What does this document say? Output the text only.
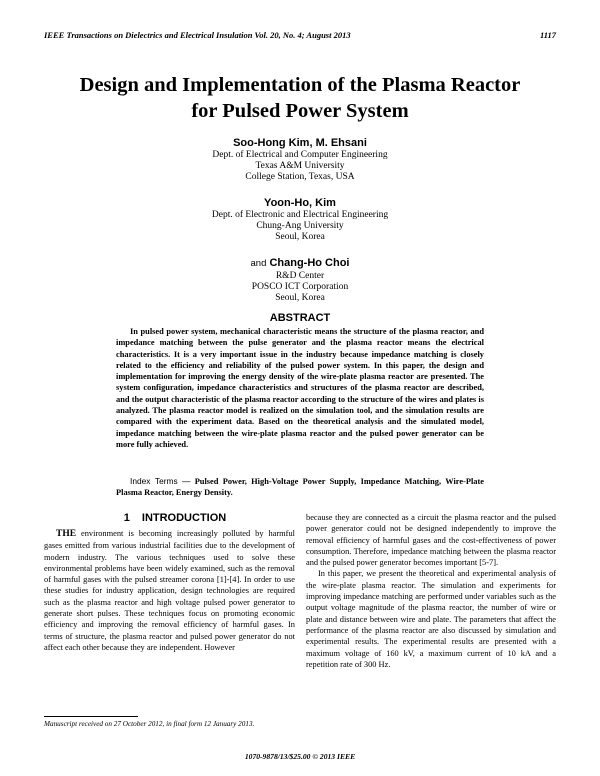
IEEE Transactions on Dielectrics and Electrical Insulation Vol. 20, No. 4; August 2013	1117
Design and Implementation of the Plasma Reactor
for Pulsed Power System
Soo-Hong Kim, M. Ehsani
Dept. of Electrical and Computer Engineering
Texas A&M University
College Station, Texas, USA
Yoon-Ho, Kim
Dept. of Electronic and Electrical Engineering
Chung-Ang University
Seoul, Korea
and Chang-Ho Choi
R&D Center
POSCO ICT Corporation
Seoul, Korea
ABSTRACT
In pulsed power system, mechanical characteristic means the structure of the plasma reactor, and impedance matching between the pulse generator and the plasma reactor means the electrical characteristics. It is a very important issue in the industry because impedance matching is closely related to the efficiency and reliability of the pulsed power system. In this paper, the design and implementation for improving the energy density of the wire-plate plasma reactor are presented. The system configuration, impedance characteristics and structures of the plasma reactor are described, and the output characteristic of the plasma reactor according to the structure of the wires and plates is analyzed. The plasma reactor model is realized on the simulation tool, and the simulation results are compared with the experiment data. Based on the theoretical analysis and the simulated model, impedance matching between the wire-plate plasma reactor and the pulsed power generator can be more fully achieved.
Index Terms — Pulsed Power, High-Voltage Power Supply, Impedance Matching, Wire-Plate Plasma Reactor, Energy Density.
1 INTRODUCTION

THE environment is becoming increasingly polluted by harmful gases emitted from various industrial facilities due to the development of modern industry. The various techniques used to solve these environmental problems have been widely examined, such as the removal of harmful gases with the pulsed streamer corona [1]-[4]. In order to use these studies for industry application, design technologies are required such as the plasma reactor and high voltage pulsed power generator to generate short pulses. These techniques focus on promoting economic efficiency and improving the removal efficiency of harmful gases. In terms of structure, the plasma reactor and pulsed power generator do not affect each other because they are independent. However

because they are connected as a circuit the plasma reactor and the pulsed power generator could not be designed independently to improve the removal efficiency of harmful gases and the cost-effectiveness of power consumption. Therefore, impedance matching between the plasma reactor and the pulsed power generator becomes important [5-7].

In this paper, we present the theoretical and experimental analysis of the wire-plate plasma reactor. The simulation and experiments for improving impedance matching are performed under variables such as the output voltage magnitude of the plasma reactor, the number of wire or plate and distance between wire and plate. The parameters that affect the performance of the plasma reactor are also discussed by simulation and experimental results. The experimental results are presented with a maximum voltage of 160 kV, a maximum current of 10 kA and a repetition rate of 300 Hz.

Manuscript received on 27 October 2012, in final form 12 January 2013.
1070-9878/13/$25.00 © 2013 IEEE
